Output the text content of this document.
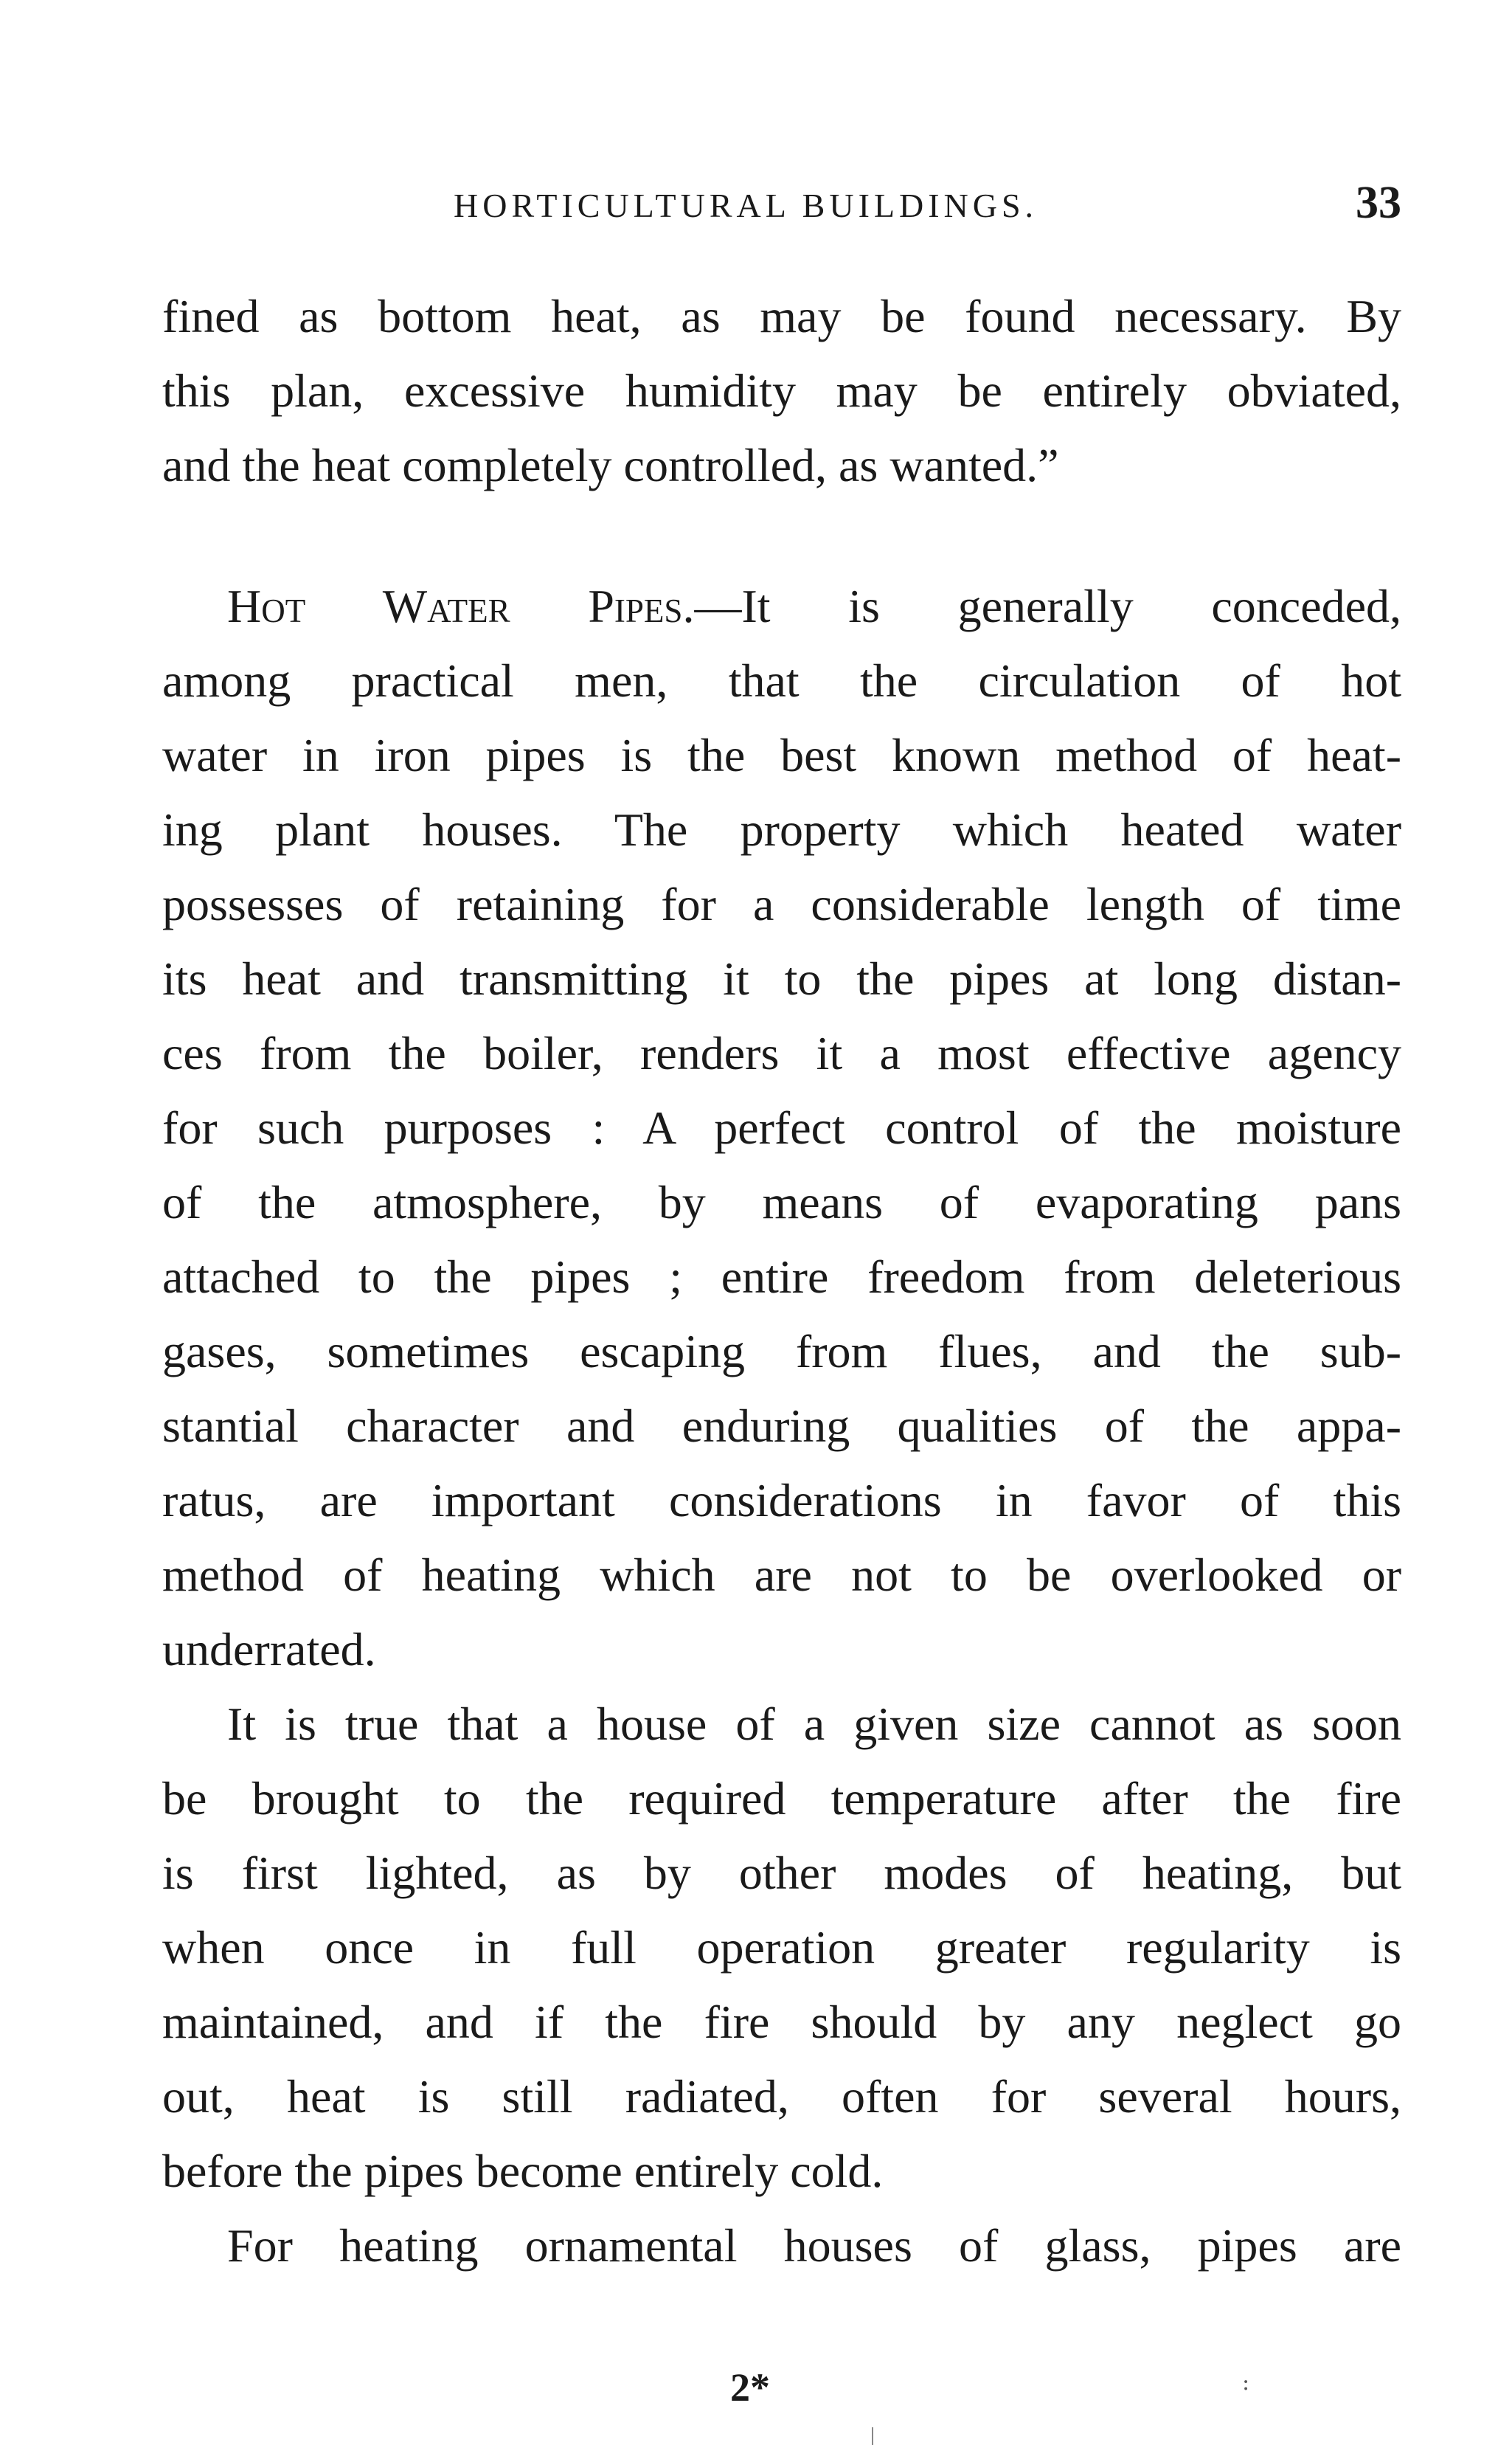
HORTICULTURAL BUILDINGS.	33
fined as bottom heat, as may be found necessary. By
this plan, excessive humidity may be entirely obviated,
and the heat completely controlled, as wanted.”
Hot Water Pipes.—It is generally conceded,
among practical men, that the circulation of hot
water in iron pipes is the best known method of heat-
ing plant houses. The property which heated water
possesses of retaining for a considerable length of time
its heat and transmitting it to the pipes at long distan-
ces from the boiler, renders it a most effective agency
for such purposes : A perfect control of the moisture
of the atmosphere, by means of evaporating pans
attached to the pipes ; entire freedom from deleterious
gases, sometimes escaping from flues, and the sub-
stantial character and enduring qualities of the appa-
ratus, are important considerations in favor of this
method of heating which are not to be overlooked or
underrated.
It is true that a house of a given size cannot as soon
be brought to the required temperature after the fire
is first lighted, as by other modes of heating, but
when once in full operation greater regularity is
maintained, and if the fire should by any neglect go
out, heat is still radiated, often for several hours,
before the pipes become entirely cold.
For heating ornamental houses of glass, pipes are
2*	:
